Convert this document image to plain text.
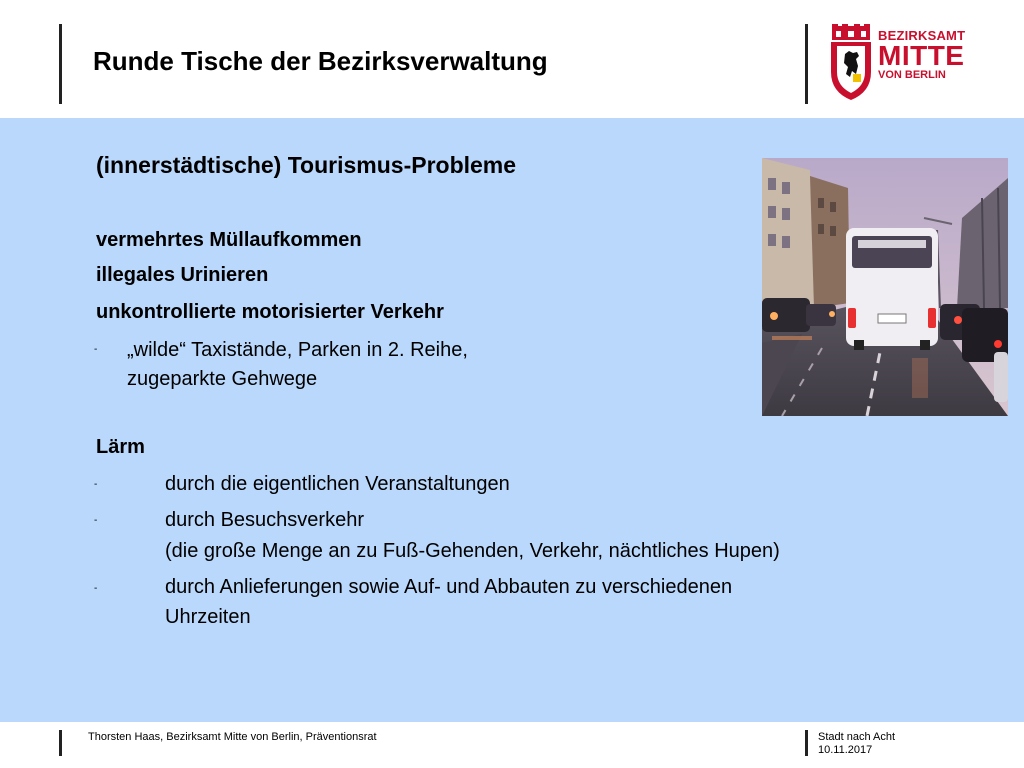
Runde Tische der Bezirksverwaltung
BEZIRKSAMT
MITTE
VON BERLIN
(innerstädtische) Tourismus-Probleme
vermehrtes Müllaufkommen
illegales Urinieren
unkontrollierte motorisierter Verkehr
- „wilde“ Taxistände, Parken in 2. Reihe,
zugeparkte Gehwege
Lärm
-	durch die eigentlichen Veranstaltungen
-	durch Besuchsverkehr
(die große Menge an zu Fuß-Gehenden, Verkehr, nächtliches Hupen)
-	durch Anlieferungen sowie Auf- und Abbauten zu verschiedenen
Uhrzeiten
Thorsten Haas, Bezirksamt Mitte von Berlin, Präventionsrat	Stadt nach Acht
10.11.2017
